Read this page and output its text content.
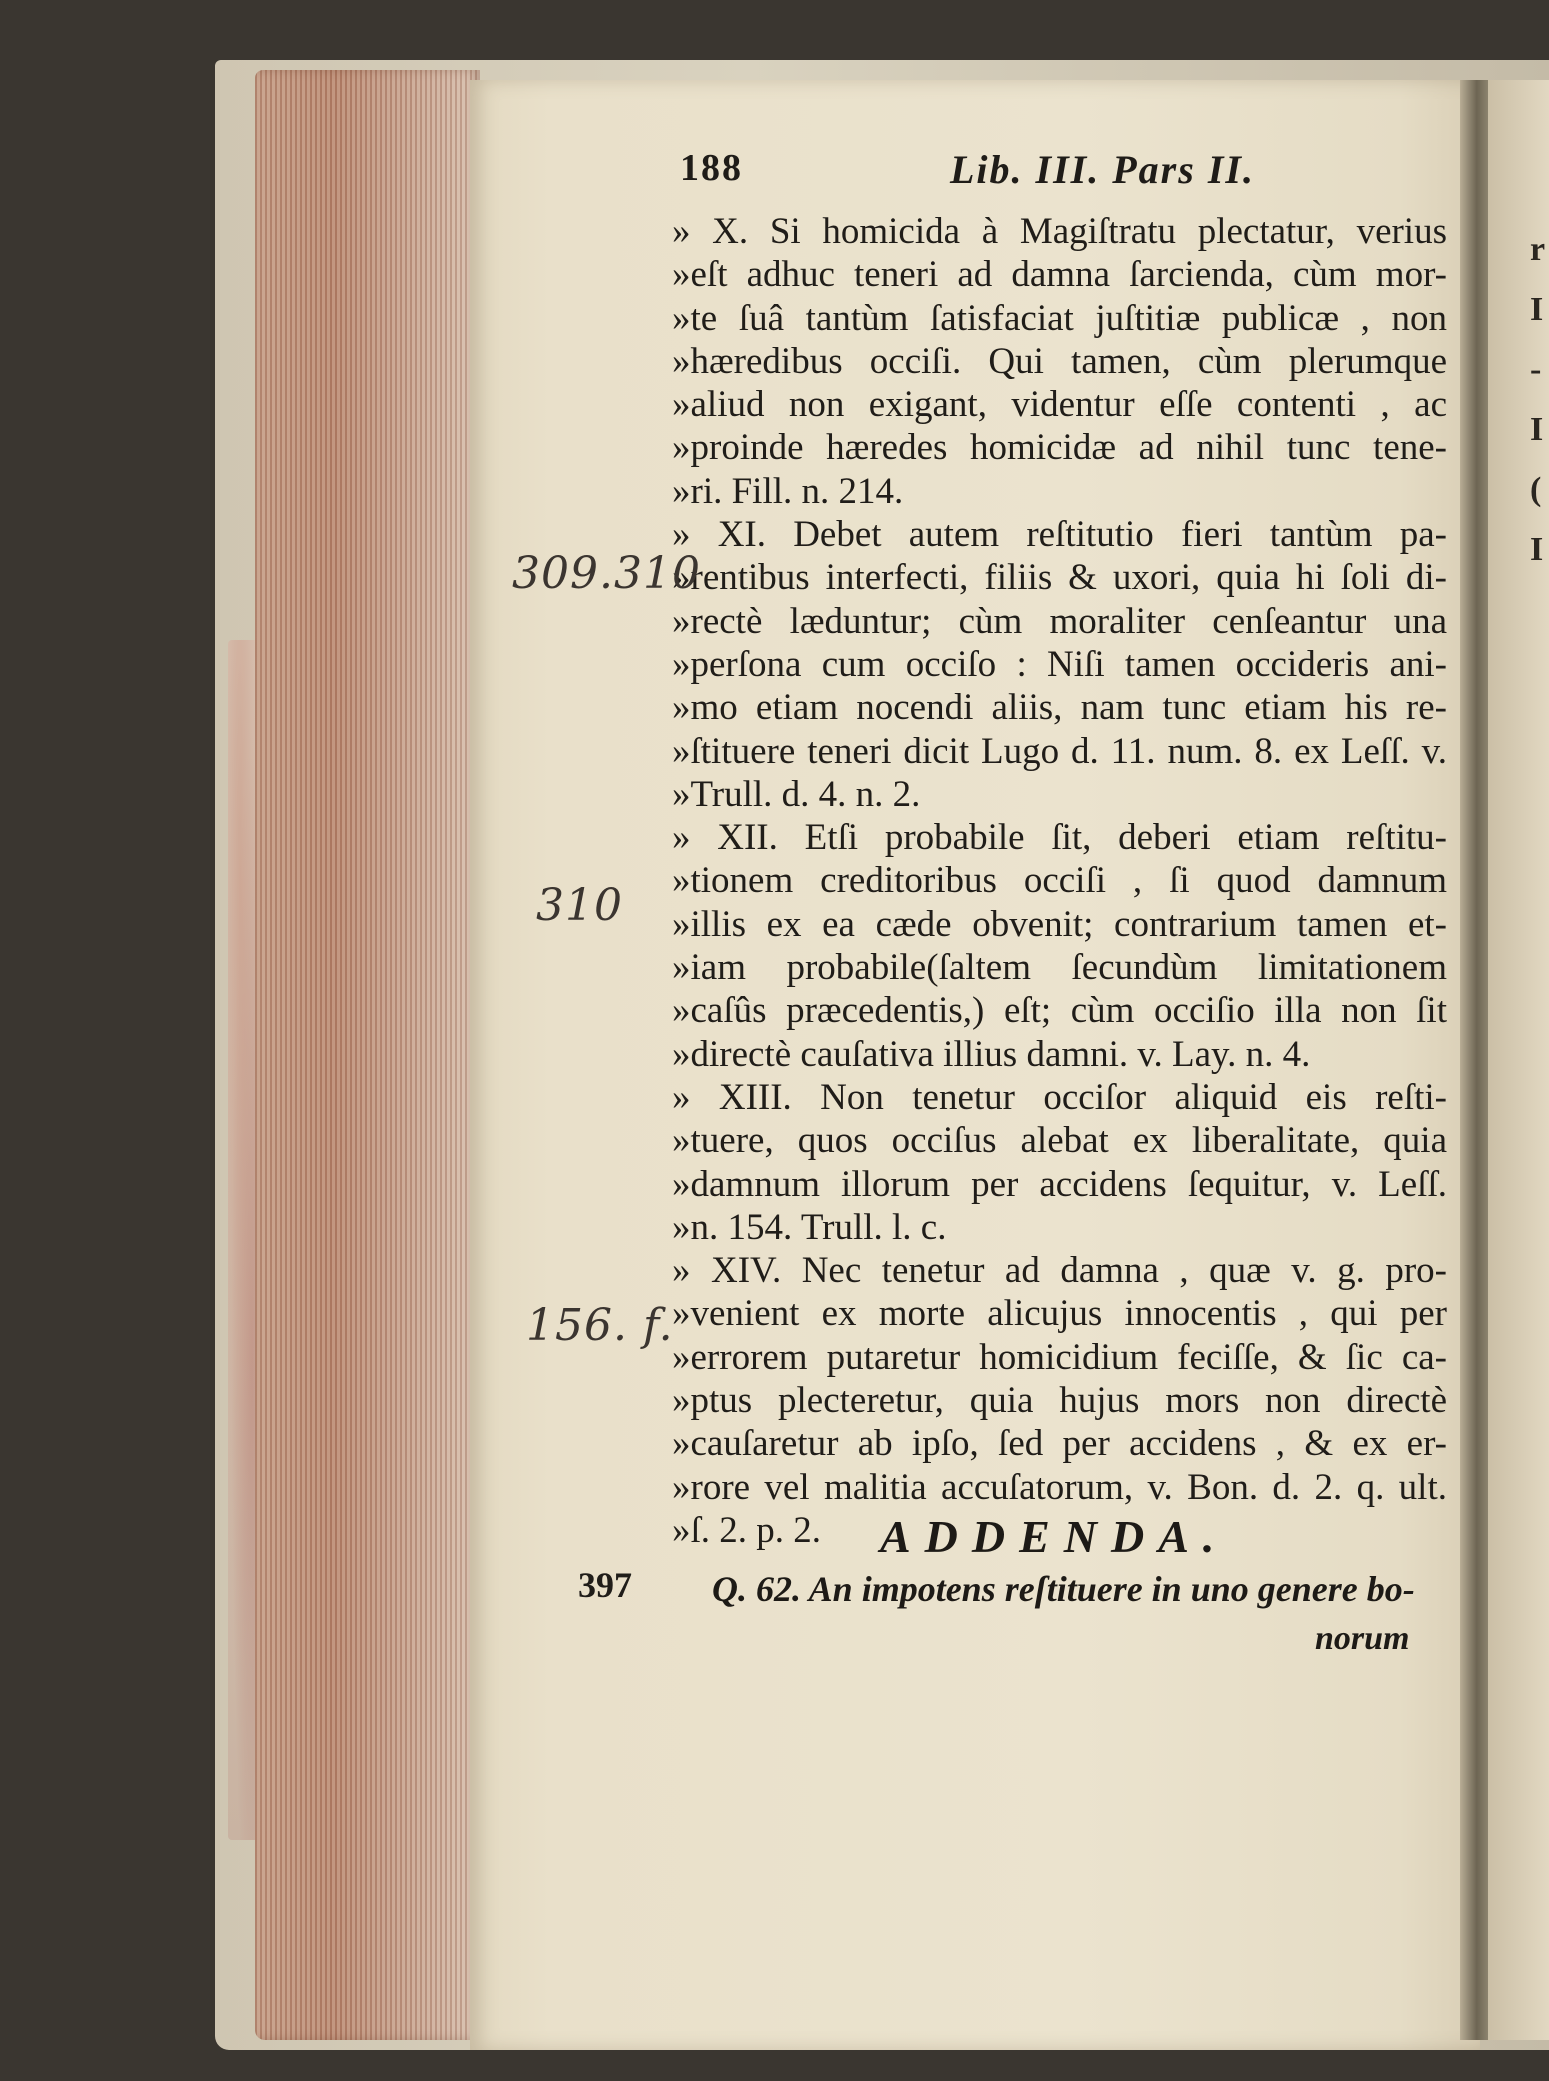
r
I
-
I
(
I
188	Lib. III. Pars II.
» X. Si homicida à Magiſtratu plectatur, verius
»eſt adhuc teneri ad damna ſarcienda, cùm mor-
»te ſuâ tantùm ſatisfaciat juſtitiæ publicæ , non
»hæredibus occiſi. Qui tamen, cùm plerumque
»aliud non exigant, videntur eſſe contenti , ac
»proinde hæredes homicidæ ad nihil tunc tene-
»ri. Fill. n. 214.
» XI. Debet autem reſtitutio fieri tantùm pa-
»rentibus interfecti, filiis & uxori, quia hi ſoli di-
»rectè læduntur; cùm moraliter cenſeantur una
»perſona cum occiſo : Niſi tamen occideris ani-
»mo etiam nocendi aliis, nam tunc etiam his re-
»ſtituere teneri dicit Lugo d. 11. num. 8. ex Leſſ. v.
»Trull. d. 4. n. 2.
» XII. Etſi probabile ſit, deberi etiam reſtitu-
»tionem creditoribus occiſi , ſi quod damnum
»illis ex ea cæde obvenit; contrarium tamen et-
»iam probabile(ſaltem ſecundùm limitationem
»caſûs præcedentis,) eſt; cùm occiſio illa non ſit
»directè cauſativa illius damni. v. Lay. n. 4.
» XIII. Non tenetur occiſor aliquid eis reſti-
»tuere, quos occiſus alebat ex liberalitate, quia
»damnum illorum per accidens ſequitur, v. Leſſ.
»n. 154. Trull. l. c.
» XIV. Nec tenetur ad damna , quæ v. g. pro-
»venient ex morte alicujus innocentis , qui per
»errorem putaretur homicidium feciſſe, & ſic ca-
»ptus plecteretur, quia hujus mors non directè
»cauſaretur ab ipſo, ſed per accidens , & ex er-
»rore vel malitia accuſatorum, v. Bon. d. 2. q. ult.
»ſ. 2. p. 2.
309.310
310
156. f.
ADDENDA.
397 Q. 62. An impotens reſtituere in uno genere bo-
norum
